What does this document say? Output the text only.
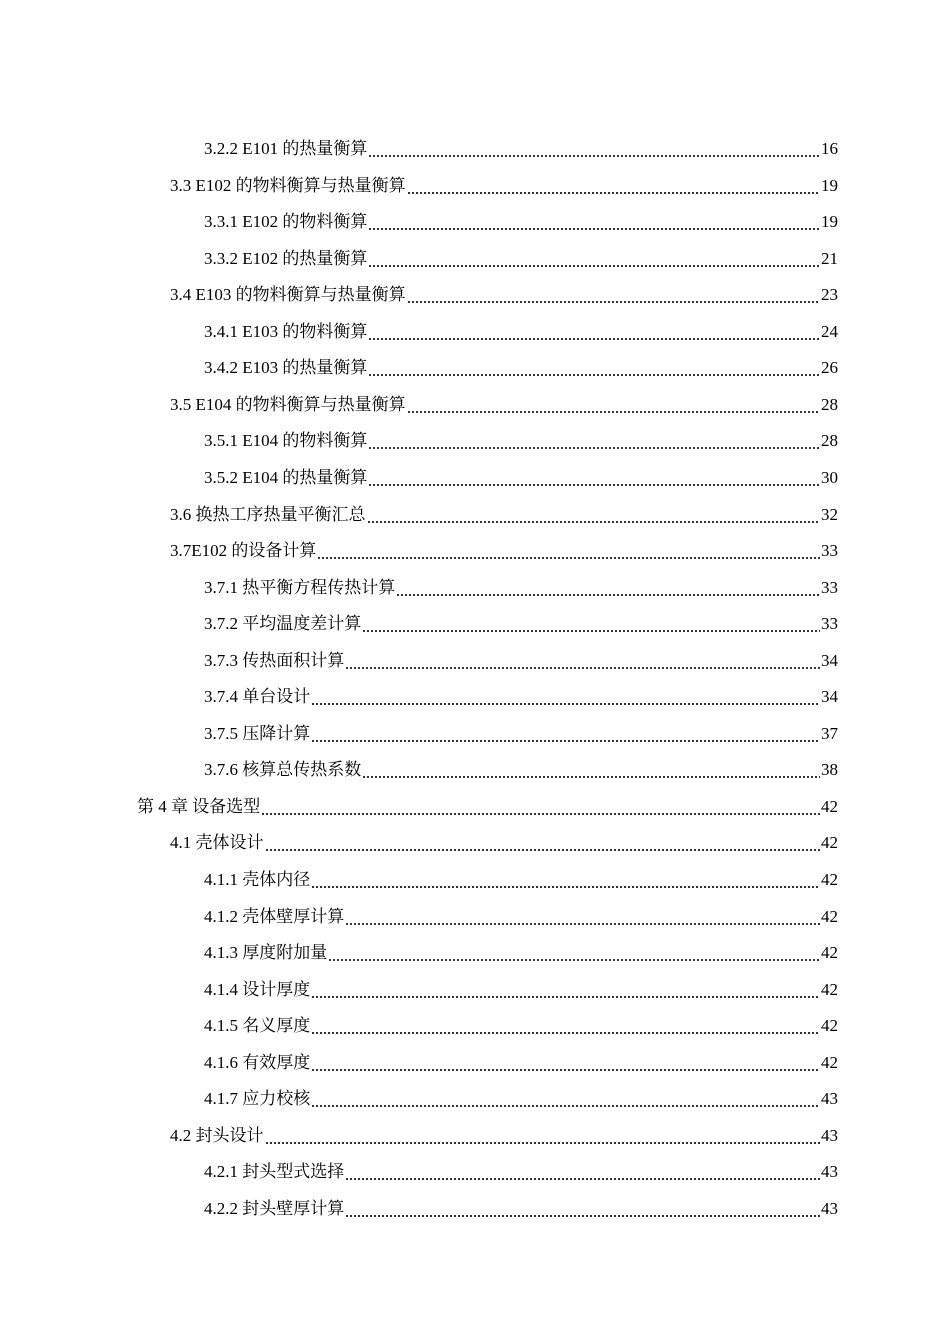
3.2.2 E101 的热量衡算	16
3.3 E102 的物料衡算与热量衡算	19
3.3.1 E102 的物料衡算	19
3.3.2 E102 的热量衡算	21
3.4 E103 的物料衡算与热量衡算	23
3.4.1 E103 的物料衡算	24
3.4.2 E103 的热量衡算	26
3.5 E104 的物料衡算与热量衡算	28
3.5.1 E104 的物料衡算	28
3.5.2 E104 的热量衡算	30
3.6 换热工序热量平衡汇总	32
3.7E102 的设备计算	33
3.7.1 热平衡方程传热计算	33
3.7.2 平均温度差计算	33
3.7.3 传热面积计算	34
3.7.4 单台设计	34
3.7.5 压降计算	37
3.7.6 核算总传热系数	38
第 4 章 设备选型	42
4.1 壳体设计	42
4.1.1 壳体内径	42
4.1.2 壳体壁厚计算	42
4.1.3 厚度附加量	42
4.1.4 设计厚度	42
4.1.5 名义厚度	42
4.1.6 有效厚度	42
4.1.7 应力校核	43
4.2 封头设计	43
4.2.1 封头型式选择	43
4.2.2 封头壁厚计算	43
